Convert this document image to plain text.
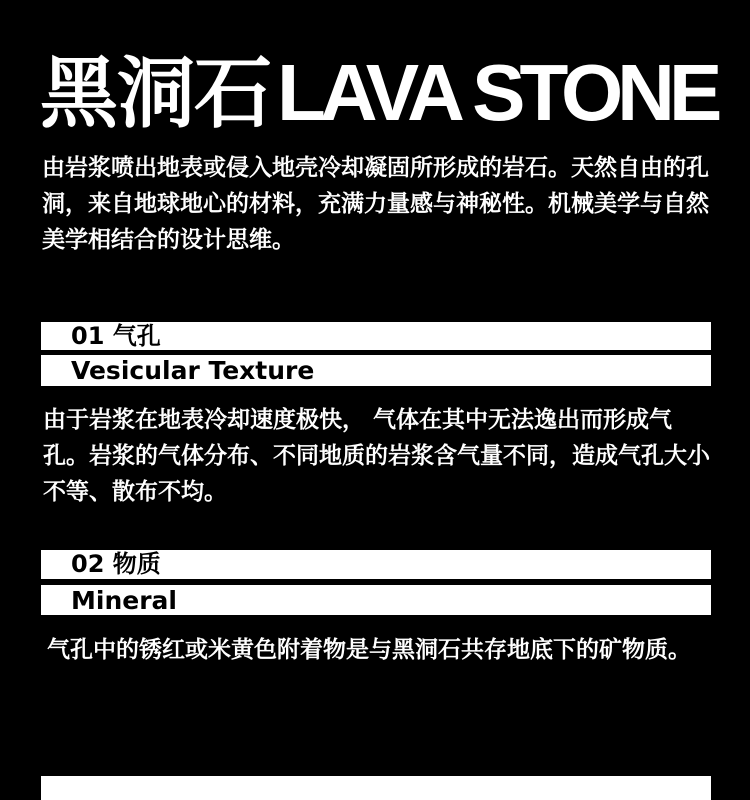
黑洞石LAVA STONE
由岩浆喷出地表或侵入地壳冷却凝固所形成的岩石。天然自由的孔洞，来自地球地心的材料，充满力量感与神秘性。机械美学与自然美学相结合的设计思维。
01 气孔
Vesicular Texture
由于岩浆在地表冷却速度极快， 气体在其中无法逸出而形成气孔。岩浆的气体分布、不同地质的岩浆含气量不同，造成气孔大小不等、散布不均。
02 物质
Mineral
气孔中的锈红或米黄色附着物是与黑洞石共存地底下的矿物质。
